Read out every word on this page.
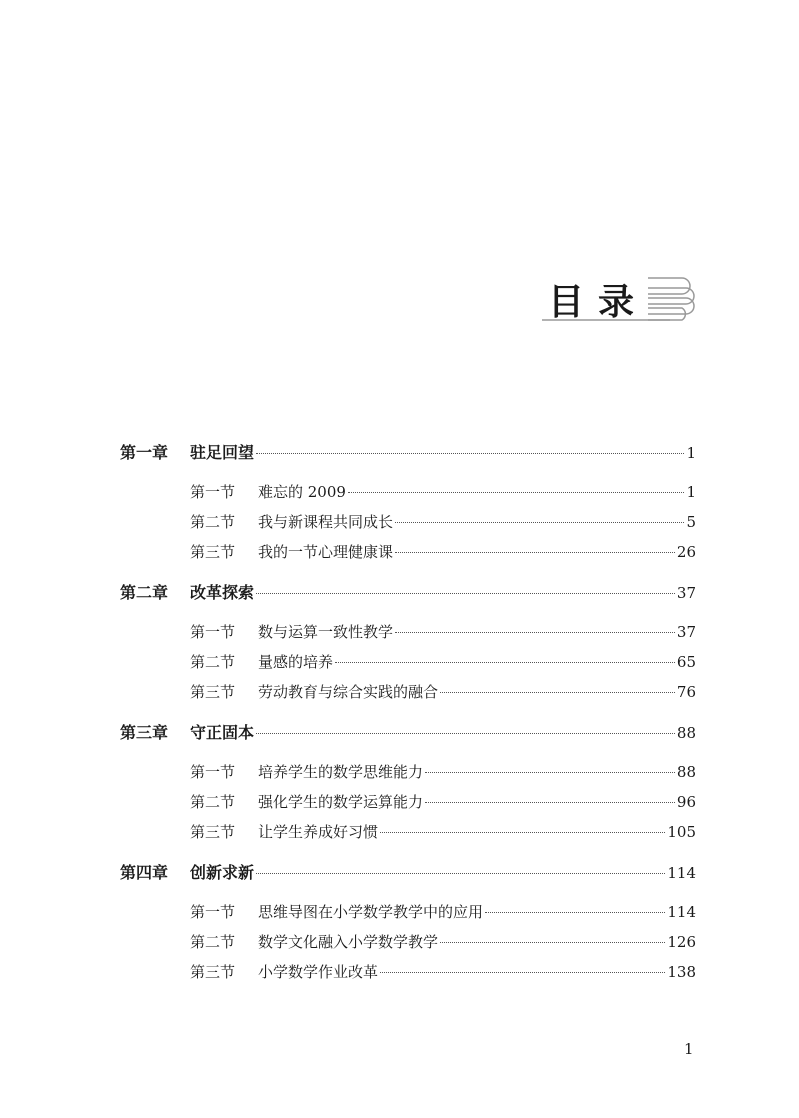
目录
第一章	驻足回望	1
第一节	难忘的 2009	1
第二节	我与新课程共同成长	5
第三节	我的一节心理健康课	26
第二章	改革探索	37
第一节	数与运算一致性教学	37
第二节	量感的培养	65
第三节	劳动教育与综合实践的融合	76
第三章	守正固本	88
第一节	培养学生的数学思维能力	88
第二节	强化学生的数学运算能力	96
第三节	让学生养成好习惯	105
第四章	创新求新	114
第一节	思维导图在小学数学教学中的应用	114
第二节	数学文化融入小学数学教学	126
第三节	小学数学作业改革	138
1
